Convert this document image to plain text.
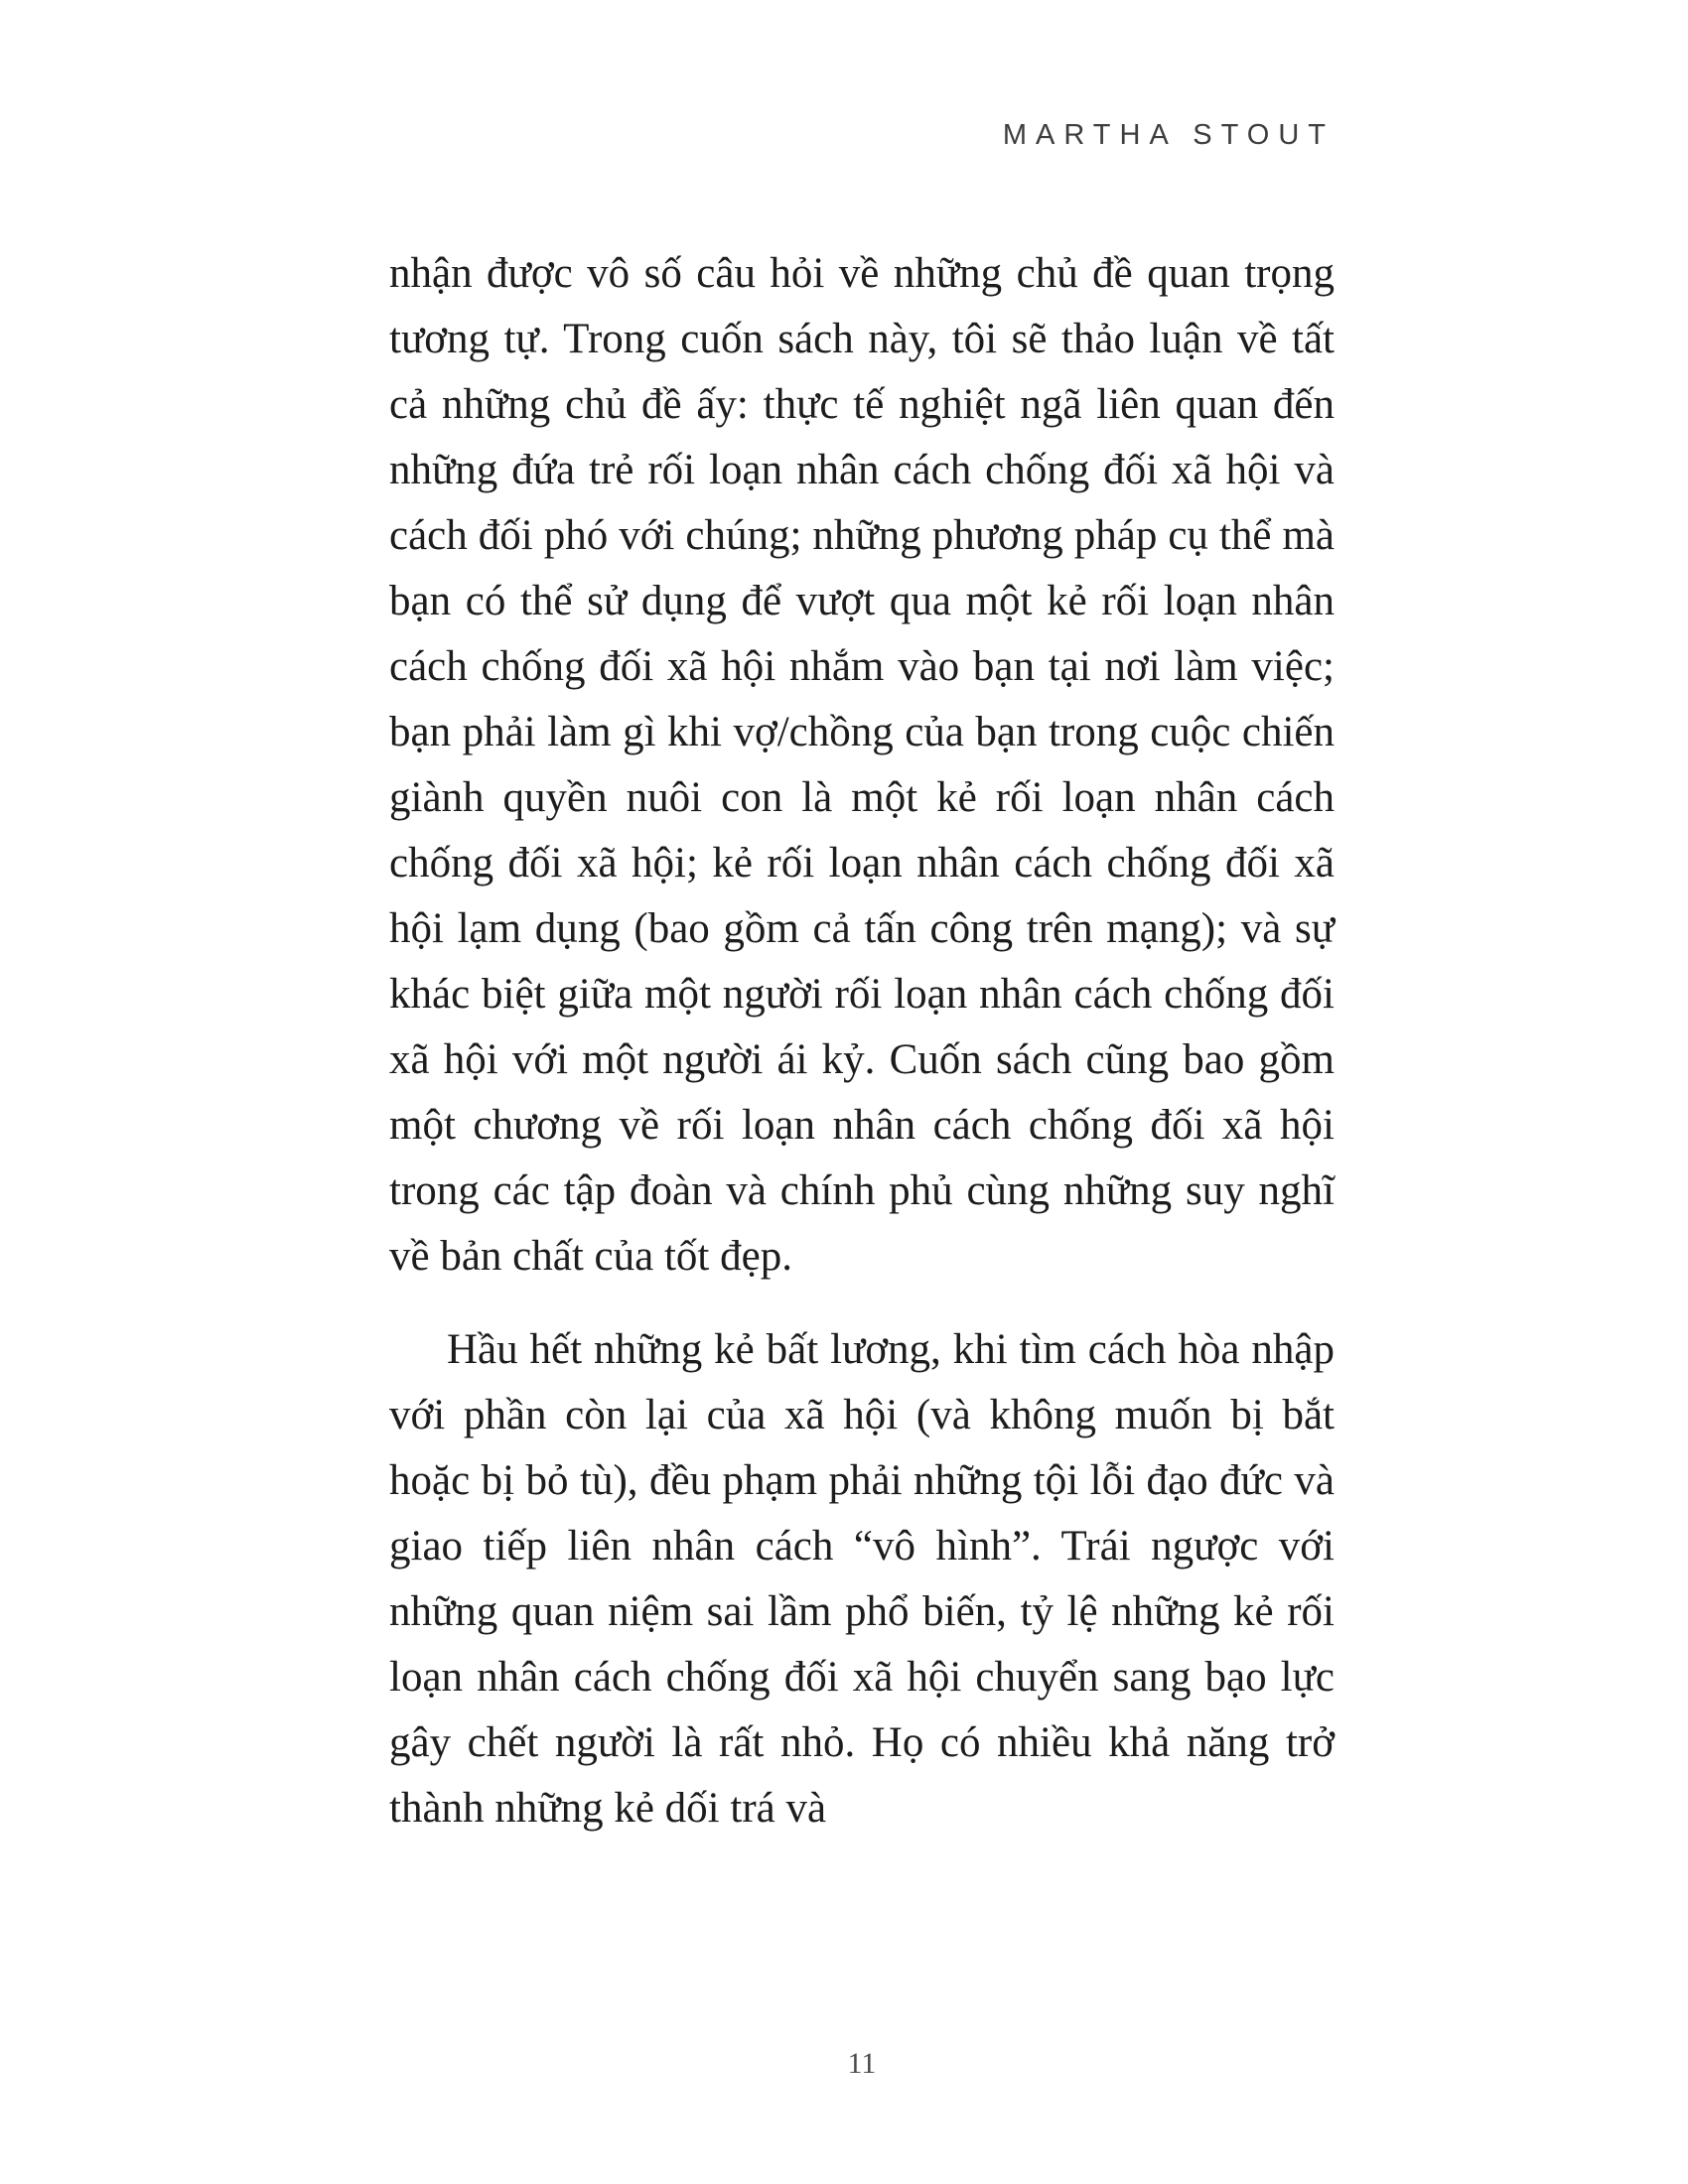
MARTHA STOUT

nhận được vô số câu hỏi về những chủ đề quan trọng tương tự. Trong cuốn sách này, tôi sẽ thảo luận về tất cả những chủ đề ấy: thực tế nghiệt ngã liên quan đến những đứa trẻ rối loạn nhân cách chống đối xã hội và cách đối phó với chúng; những phương pháp cụ thể mà bạn có thể sử dụng để vượt qua một kẻ rối loạn nhân cách chống đối xã hội nhắm vào bạn tại nơi làm việc; bạn phải làm gì khi vợ/chồng của bạn trong cuộc chiến giành quyền nuôi con là một kẻ rối loạn nhân cách chống đối xã hội; kẻ rối loạn nhân cách chống đối xã hội lạm dụng (bao gồm cả tấn công trên mạng); và sự khác biệt giữa một người rối loạn nhân cách chống đối xã hội với một người ái kỷ. Cuốn sách cũng bao gồm một chương về rối loạn nhân cách chống đối xã hội trong các tập đoàn và chính phủ cùng những suy nghĩ về bản chất của tốt đẹp.

Hầu hết những kẻ bất lương, khi tìm cách hòa nhập với phần còn lại của xã hội (và không muốn bị bắt hoặc bị bỏ tù), đều phạm phải những tội lỗi đạo đức và giao tiếp liên nhân cách “vô hình”. Trái ngược với những quan niệm sai lầm phổ biến, tỷ lệ những kẻ rối loạn nhân cách chống đối xã hội chuyển sang bạo lực gây chết người là rất nhỏ. Họ có nhiều khả năng trở thành những kẻ dối trá và

11
